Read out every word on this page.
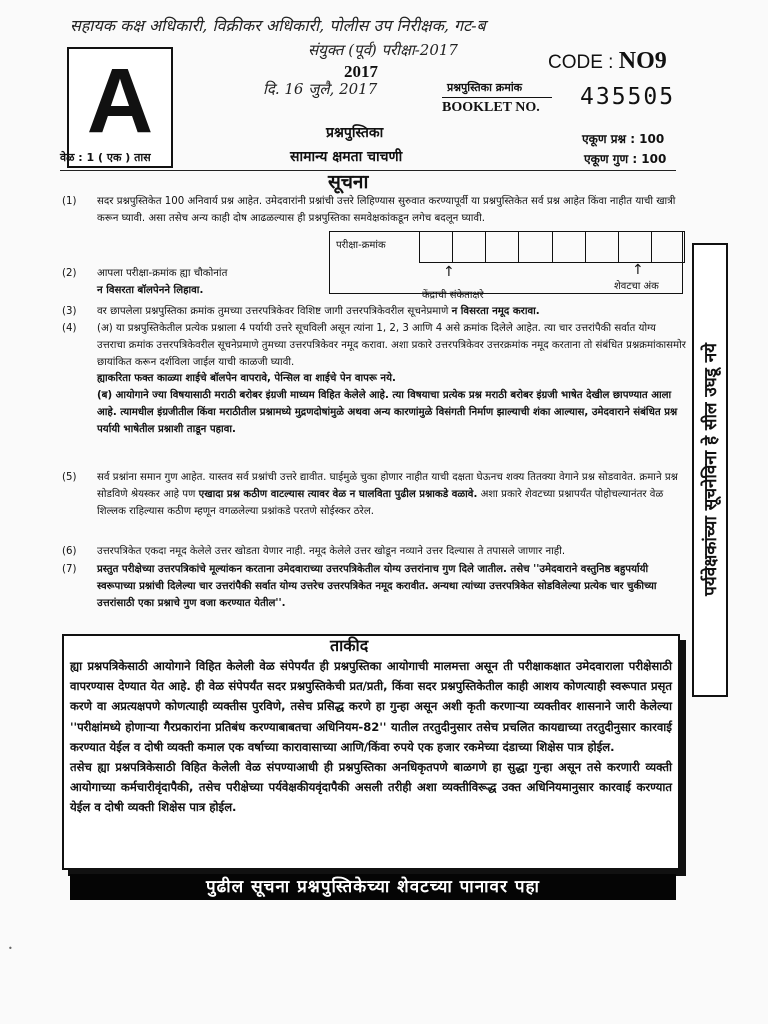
सहायक कक्ष अधिकारी, विक्रीकर अधिकारी, पोलीस उप निरीक्षक, गट-ब
संयुक्त (पूर्व) परीक्षा-2017
दि. 16 जुलै, 2017
A	2017	CODE : NO9
प्रश्नपुस्तिका क्रमांक
BOOKLET NO. 435505
प्रश्नपुस्तिका
सामान्य क्षमता चाचणी
वेळ : 1 ( एक ) तास
एकूण प्रश्न : 100
एकूण गुण : 100
सूचना
(1)	सदर प्रश्नपुस्तिकेत 100 अनिवार्य प्रश्न आहेत. उमेदवारांनी प्रश्नांची उत्तरे लिहिण्यास सुरुवात करण्यापूर्वी या प्रश्नपुस्तिकेत सर्व प्रश्न आहेत किंवा नाहीत याची खात्री करून घ्यावी. असा तसेच अन्य काही दोष आढळल्यास ही प्रश्नपुस्तिका समवेक्षकांकडून लगेच बदलून घ्यावी.
परीक्षा-क्रमांक
↑	↑
केंद्राची संकेताक्षरे
शेवटचा अंक
(2)	आपला परीक्षा-क्रमांक ह्या चौकोनांत
न विसरता बॉलपेनने लिहावा.
(3)	वर छापलेला प्रश्नपुस्तिका क्रमांक तुमच्या उत्तरपत्रिकेवर विशिष्ट जागी उत्तरपत्रिकेवरील सूचनेप्रमाणे न विसरता नमूद करावा.
(4)	(अ) या प्रश्नपुस्तिकेतील प्रत्येक प्रश्नाला 4 पर्यायी उत्तरे सूचविली असून त्यांना 1, 2, 3 आणि 4 असे क्रमांक दिलेले आहेत. त्या चार उत्तरांपैकी सर्वात योग्य उत्तराचा क्रमांक उत्तरपत्रिकेवरील सूचनेप्रमाणे तुमच्या उत्तरपत्रिकेवर नमूद करावा. अशा प्रकारे उत्तरपत्रिकेवर उत्तरक्रमांक नमूद करताना तो संबंधित प्रश्नक्रमांकासमोर छायांकित करून दर्शविला जाईल याची काळजी घ्यावी.
ह्याकरिता फक्त काळ्या शाईचे बॉलपेन वापरावे, पेन्सिल वा शाईचे पेन वापरू नये.
(ब) आयोगाने ज्या विषयासाठी मराठी बरोबर इंग्रजी माध्यम विहित केलेले आहे. त्या विषयाचा प्रत्येक प्रश्न मराठी बरोबर इंग्रजी भाषेत देखील छापण्यात आला आहे. त्यामधील इंग्रजीतील किंवा मराठीतील प्रश्नामध्ये मुद्रणदोषांमुळे अथवा अन्य कारणांमुळे विसंगती निर्माण झाल्याची शंका आल्यास, उमेदवाराने संबंधित प्रश्न पर्यायी भाषेतील प्रश्नाशी ताडून पहावा.
(5)	सर्व प्रश्नांना समान गुण आहेत. यास्तव सर्व प्रश्नांची उत्तरे द्यावीत. घाईमुळे चुका होणार नाहीत याची दक्षता घेऊनच शक्य तितक्या वेगाने प्रश्न सोडवावेत. क्रमाने प्रश्न सोडविणे श्रेयस्कर आहे पण एखादा प्रश्न कठीण वाटल्यास त्यावर वेळ न घालविता पुढील प्रश्नाकडे वळावे. अशा प्रकारे शेवटच्या प्रश्नापर्यंत पोहोचल्यानंतर वेळ शिल्लक राहिल्यास कठीण म्हणून वगळलेल्या प्रश्नांकडे परतणे सोईस्कर ठरेल.
(6)	उत्तरपत्रिकेत एकदा नमूद केलेले उत्तर खोडता येणार नाही. नमूद केलेले उत्तर खोडून नव्याने उत्तर दिल्यास ते तपासले जाणार नाही.
(7)	प्रस्तुत परीक्षेच्या उत्तरपत्रिकांचे मूल्यांकन करताना उमेदवाराच्या उत्तरपत्रिकेतील योग्य उत्तरांनाच गुण दिले जातील. तसेच ''उमेदवाराने वस्तुनिष्ठ बहुपर्यायी स्वरूपाच्या प्रश्नांची दिलेल्या चार उत्तरांपैकी सर्वात योग्य उत्तरेच उत्तरपत्रिकेत नमूद करावीत. अन्यथा त्यांच्या उत्तरपत्रिकेत सोडविलेल्या प्रत्येक चार चुकीच्या उत्तरांसाठी एका प्रश्नाचे गुण वजा करण्यात येतील''.
पर्यवेक्षकांच्या सूचनेविना हे सील उघडू नये
ताकीद
ह्या प्रश्नपत्रिकेसाठी आयोगाने विहित केलेली वेळ संपेपर्यंत ही प्रश्नपुस्तिका आयोगाची मालमत्ता असून ती परीक्षाकक्षात उमेदवाराला परीक्षेसाठी वापरण्यास देण्यात येत आहे. ही वेळ संपेपर्यंत सदर प्रश्नपुस्तिकेची प्रत/प्रती, किंवा सदर प्रश्नपुस्तिकेतील काही आशय कोणत्याही स्वरूपात प्रसृत करणे वा अप्रत्यक्षपणे कोणत्याही व्यक्तीस पुरविणे, तसेच प्रसिद्ध करणे हा गुन्हा असून अशी कृती करणाऱ्या व्यक्तीवर शासनाने जारी केलेल्या ''परीक्षांमध्ये होणाऱ्या गैरप्रकारांना प्रतिबंध करण्याबाबतचा अधिनियम-82'' यातील तरतुदीनुसार तसेच प्रचलित कायद्याच्या तरतुदीनुसार कारवाई करण्यात येईल व दोषी व्यक्ती कमाल एक वर्षाच्या कारावासाच्या आणि/किंवा रुपये एक हजार रकमेच्या दंडाच्या शिक्षेस पात्र होईल.
तसेच ह्या प्रश्नपत्रिकेसाठी विहित केलेली वेळ संपण्याआधी ही प्रश्नपुस्तिका अनधिकृतपणे बाळगणे हा सुद्धा गुन्हा असून तसे करणारी व्यक्ती आयोगाच्या कर्मचारीवृंदापैकी, तसेच परीक्षेच्या पर्यवेक्षकीयवृंदापैकी असली तरीही अशा व्यक्तीविरूद्ध उक्त अधिनियमानुसार कारवाई करण्यात येईल व दोषी व्यक्ती शिक्षेस पात्र होईल.
पुढील सूचना प्रश्नपुस्तिकेच्या शेवटच्या पानावर पहा
•
